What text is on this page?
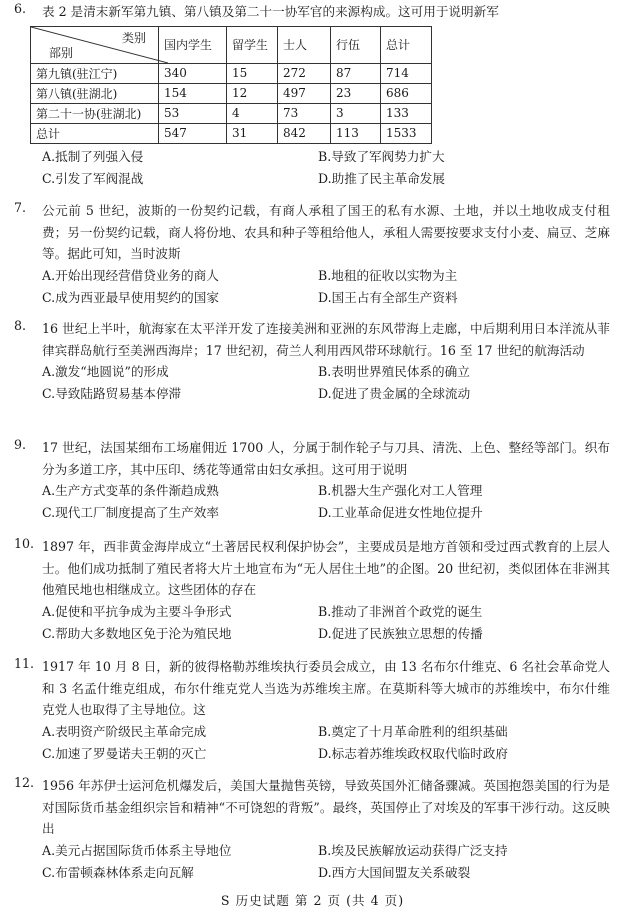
6. 表 2 是清末新军第九镇、第八镇及第二十一协军官的来源构成。这可用于说明新军
类别
部别	国内学生	留学生	士人	行伍	总计
第九镇(驻江宁)	340	15	272	87	714
第八镇(驻湖北)	154	12	497	23	686
第二十一协(驻湖北)	53	4	73	3	133
总计	547	31	842	113	1533
A.抵制了列强入侵	B.导致了军阀势力扩大
C.引发了军阀混战	D.助推了民主革命发展
7. 公元前 5 世纪，波斯的一份契约记载，有商人承租了国王的私有水源、土地，并以土地收成支付租费；另一份契约记载，商人将份地、农具和种子等租给他人，承租人需要按要求支付小麦、扁豆、芝麻等。据此可知，当时波斯
A.开始出现经营借贷业务的商人	B.地租的征收以实物为主
C.成为西亚最早使用契约的国家	D.国王占有全部生产资料
8. 16 世纪上半叶，航海家在太平洋开发了连接美洲和亚洲的东风带海上走廊，中后期利用日本洋流从菲律宾群岛航行至美洲西海岸；17 世纪初，荷兰人利用西风带环球航行。16 至 17 世纪的航海活动
A.激发“地圆说”的形成	B.表明世界殖民体系的确立
C.导致陆路贸易基本停滞	D.促进了贵金属的全球流动
9. 17 世纪，法国某细布工场雇佣近 1700 人，分属于制作轮子与刀具、清洗、上色、整经等部门。织布分为多道工序，其中压印、绣花等通常由妇女承担。这可用于说明
A.生产方式变革的条件渐趋成熟	B.机器大生产强化对工人管理
C.现代工厂制度提高了生产效率	D.工业革命促进女性地位提升
10. 1897 年，西非黄金海岸成立“土著居民权利保护协会”，主要成员是地方首领和受过西式教育的上层人士。他们成功抵制了殖民者将大片土地宣布为“无人居住土地”的企图。20 世纪初，类似团体在非洲其他殖民地也相继成立。这些团体的存在
A.促使和平抗争成为主要斗争形式	B.推动了非洲首个政党的诞生
C.帮助大多数地区免于沦为殖民地	D.促进了民族独立思想的传播
11. 1917 年 10 月 8 日，新的彼得格勒苏维埃执行委员会成立，由 13 名布尔什维克、6 名社会革命党人和 3 名孟什维克组成，布尔什维克党人当选为苏维埃主席。在莫斯科等大城市的苏维埃中，布尔什维克党人也取得了主导地位。这
A.表明资产阶级民主革命完成	B.奠定了十月革命胜利的组织基础
C.加速了罗曼诺夫王朝的灭亡	D.标志着苏维埃政权取代临时政府
12. 1956 年苏伊士运河危机爆发后，美国大量抛售英镑，导致英国外汇储备骤减。英国抱怨美国的行为是对国际货币基金组织宗旨和精神“不可饶恕的背叛”。最终，英国停止了对埃及的军事干涉行动。这反映出
A.美元占据国际货币体系主导地位	B.埃及民族解放运动获得广泛支持
C.布雷顿森林体系走向瓦解	D.西方大国间盟友关系破裂
S 历史试题 第 2 页 (共 4 页)
